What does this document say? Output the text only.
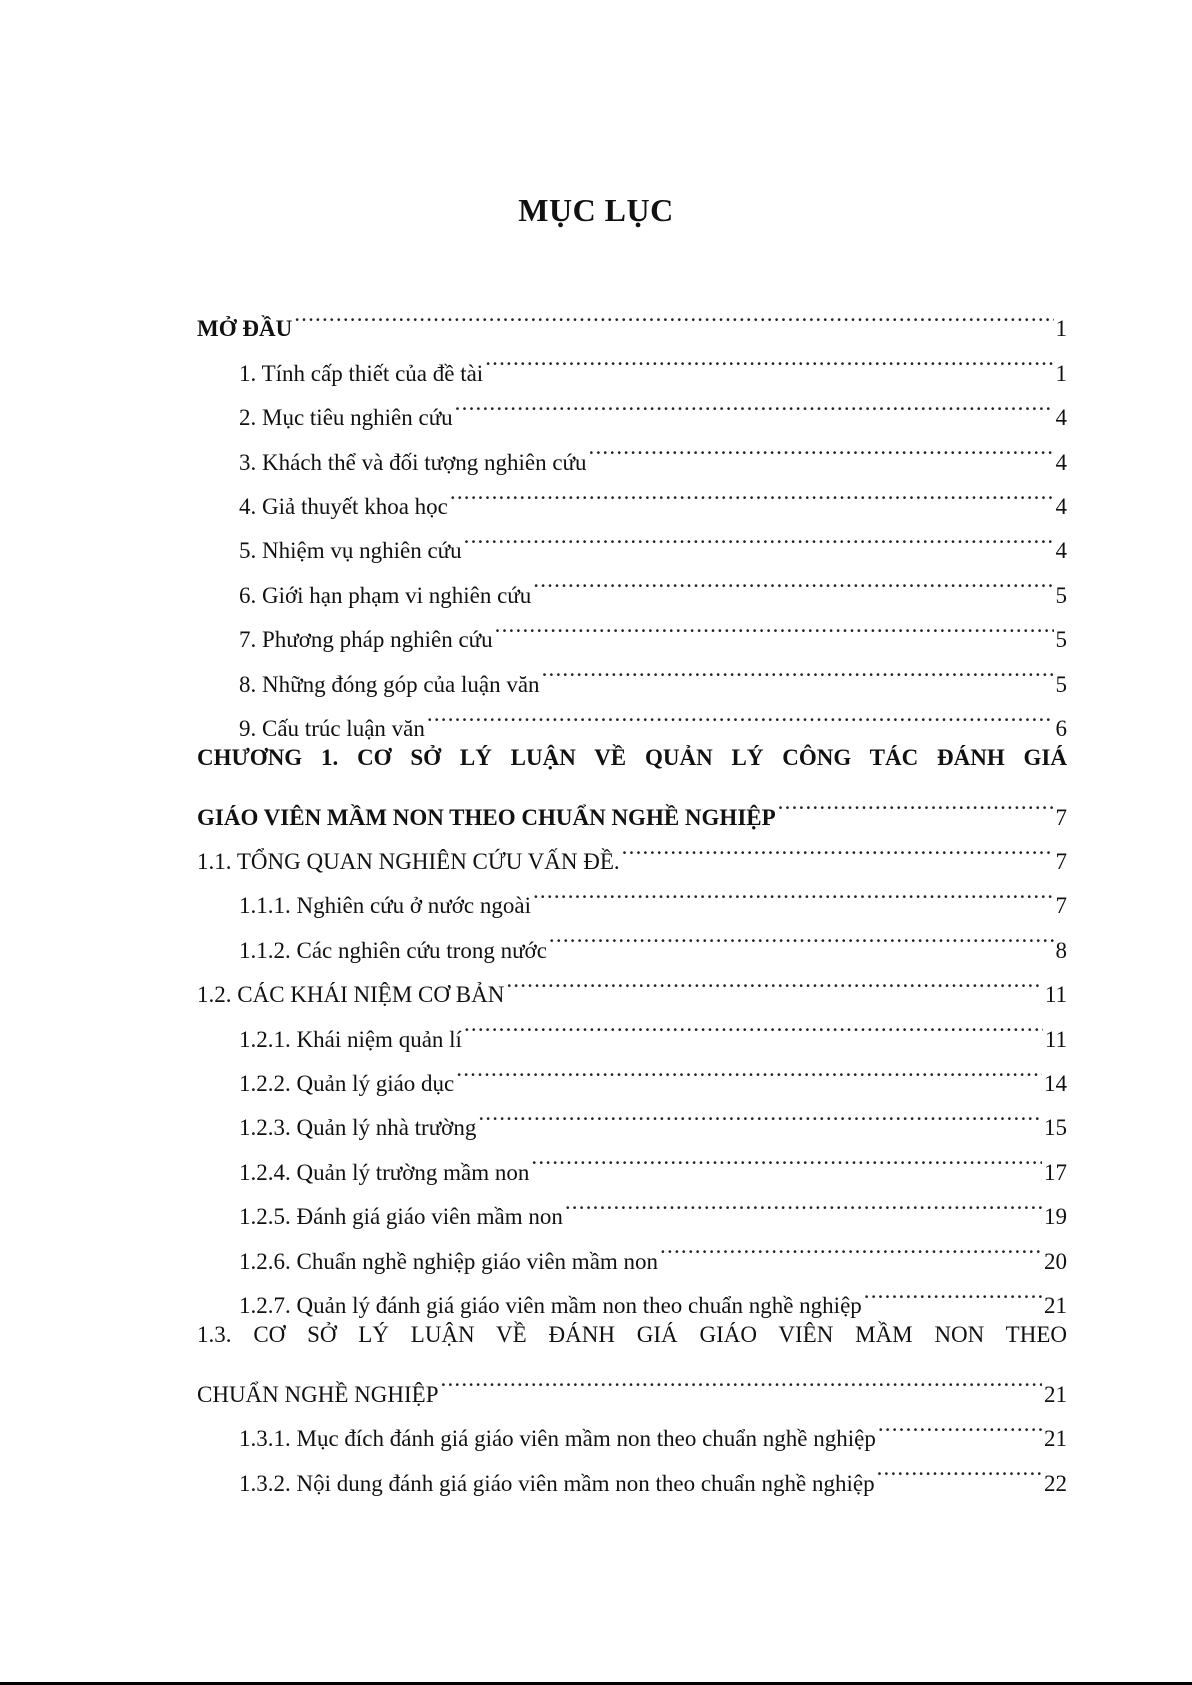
MỤC LỤC
MỞ ĐẦU .....	1
1. Tính cấp thiết của đề tài .....	1
2. Mục tiêu nghiên cứu .....	4
3. Khách thể và đối tượng nghiên cứu .....	4
4. Giả thuyết khoa học .....	4
5. Nhiệm vụ nghiên cứu .....	4
6. Giới hạn phạm vi nghiên cứu .....	5
7. Phương pháp nghiên cứu .....	5
8. Những đóng góp của luận văn .....	5
9. Cấu trúc luận văn .....	6
CHƯƠNG 1. CƠ SỞ LÝ LUẬN VỀ QUẢN LÝ CÔNG TÁC ĐÁNH GIÁ
GIÁO VIÊN MẦM NON THEO CHUẨN NGHỀ NGHIỆP .....	7
1.1. TỔNG QUAN NGHIÊN CỨU VẤN ĐỀ. .....	7
1.1.1. Nghiên cứu ở nước ngoài .....	7
1.1.2. Các nghiên cứu trong nước .....	8
1.2. CÁC KHÁI NIỆM CƠ BẢN .....	11
1.2.1. Khái niệm quản lí .....	11
1.2.2. Quản lý giáo dục .....	14
1.2.3. Quản lý nhà trường .....	15
1.2.4. Quản lý trường mầm non .....	17
1.2.5. Đánh giá giáo viên mầm non .....	19
1.2.6. Chuẩn nghề nghiệp giáo viên mầm non .....	20
1.2.7. Quản lý đánh giá giáo viên mầm non theo chuẩn nghề nghiệp .....	21
1.3. CƠ SỞ LÝ LUẬN VỀ ĐÁNH GIÁ GIÁO VIÊN MẦM NON THEO
CHUẨN NGHỀ NGHIỆP .....	21
1.3.1. Mục đích đánh giá giáo viên mầm non theo chuẩn nghề nghiệp .....	21
1.3.2. Nội dung đánh giá giáo viên mầm non theo chuẩn nghề nghiệp .....	22
